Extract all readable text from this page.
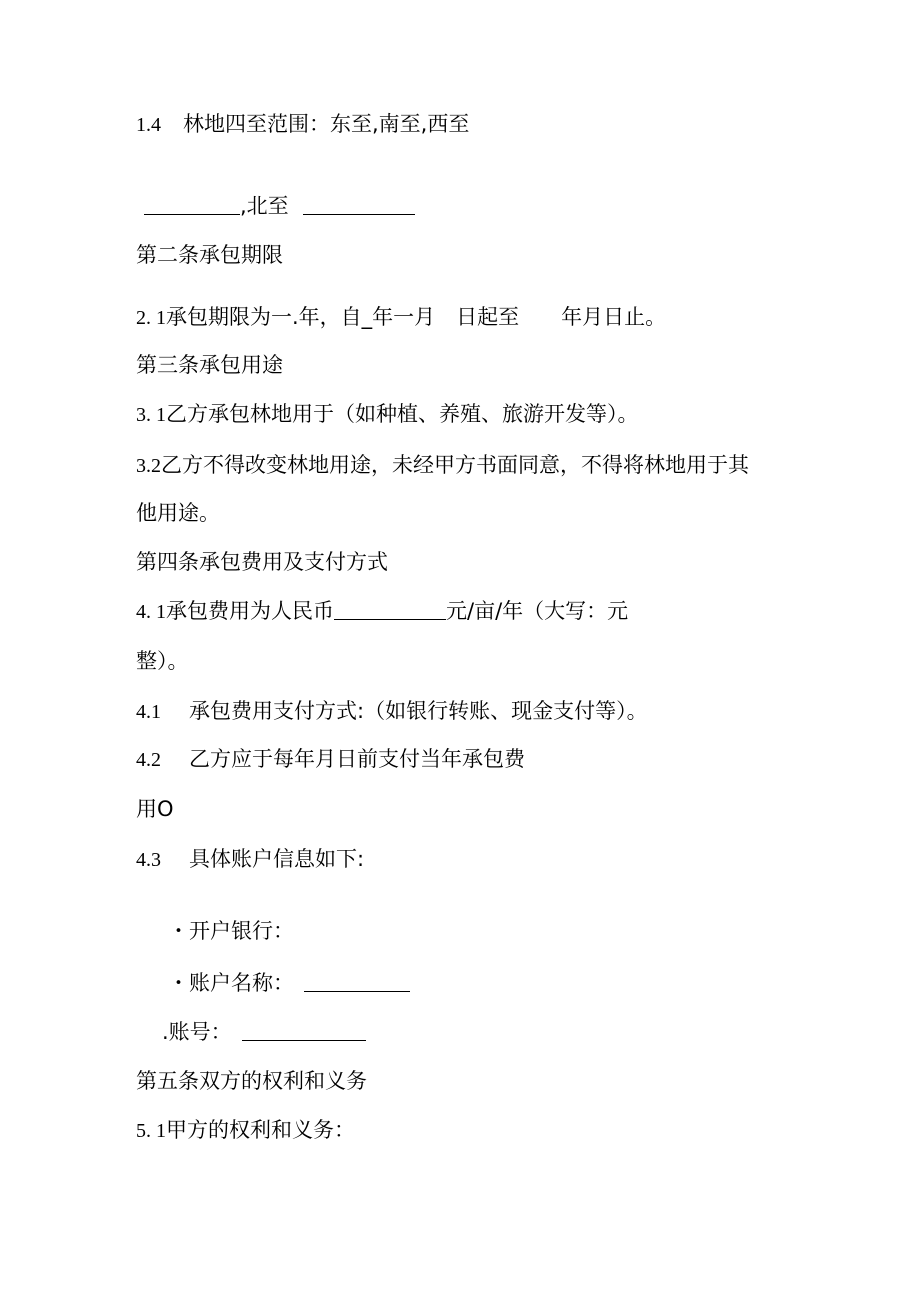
1.4 林地四至范围：东至,南至,西至
,北至
第二条承包期限
2. 1承包期限为一.年，自_年一月　日起至　　年月日止。
第三条承包用途
3. 1乙方承包林地用于（如种植、养殖、旅游开发等）。
3.2乙方不得改变林地用途，未经甲方书面同意，不得将林地用于其
他用途。
第四条承包费用及支付方式
4. 1承包费用为人民币	元/亩/年（大写：元
整）。
4.1 承包费用支付方式:（如银行转账、现金支付等）。
4.2 乙方应于每年月日前支付当年承包费
用O
4.3 具体账户信息如下:
・开户银行：
・账户名称：
.账号：
第五条双方的权利和义务
5. 1甲方的权利和义务：
